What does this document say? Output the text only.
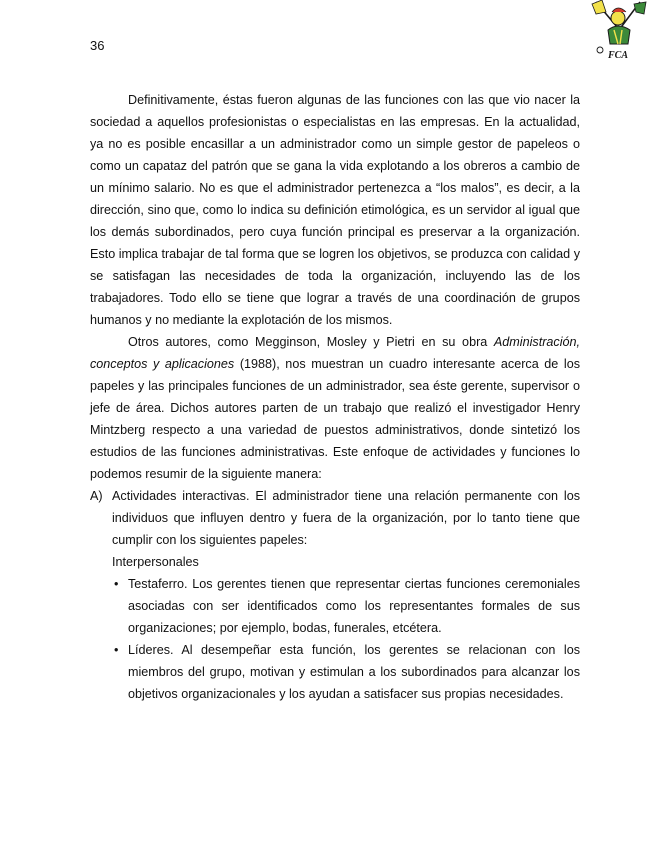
36
FCA

Definitivamente, éstas fueron algunas de las funciones con las que vio nacer la sociedad a aquellos profesionistas o especialistas en las empresas. En la actualidad, ya no es posible encasillar a un administrador como un simple gestor de papeleos o como un capataz del patrón que se gana la vida explotando a los obreros a cambio de un mínimo salario. No es que el administrador pertenezca a “los malos”, es decir, a la dirección, sino que, como lo indica su definición etimológica, es un servidor al igual que los demás subordinados, pero cuya función principal es preservar a la organización. Esto implica trabajar de tal forma que se logren los objetivos, se produzca con calidad y se satisfagan las necesidades de toda la organización, incluyendo las de los trabajadores. Todo ello se tiene que lograr a través de una coordinación de grupos humanos y no mediante la explotación de los mismos.

Otros autores, como Megginson, Mosley y Pietri en su obra Administración, conceptos y aplicaciones (1988), nos muestran un cuadro interesante acerca de los papeles y las principales funciones de un administrador, sea éste gerente, supervisor o jefe de área. Dichos autores parten de un trabajo que realizó el investigador Henry Mintzberg respecto a una variedad de puestos administrativos, donde sintetizó los estudios de las funciones administrativas. Este enfoque de actividades y funciones lo podemos resumir de la siguiente manera:

A) Actividades interactivas. El administrador tiene una relación permanente con los individuos que influyen dentro y fuera de la organización, por lo tanto tiene que cumplir con los siguientes papeles:

Interpersonales

• Testaferro. Los gerentes tienen que representar ciertas funciones ceremoniales asociadas con ser identificados como los representantes formales de sus organizaciones; por ejemplo, bodas, funerales, etcétera.

• Líderes. Al desempeñar esta función, los gerentes se relacionan con los miembros del grupo, motivan y estimulan a los subordinados para alcanzar los objetivos organizacionales y los ayudan a satisfacer sus propias necesidades.
